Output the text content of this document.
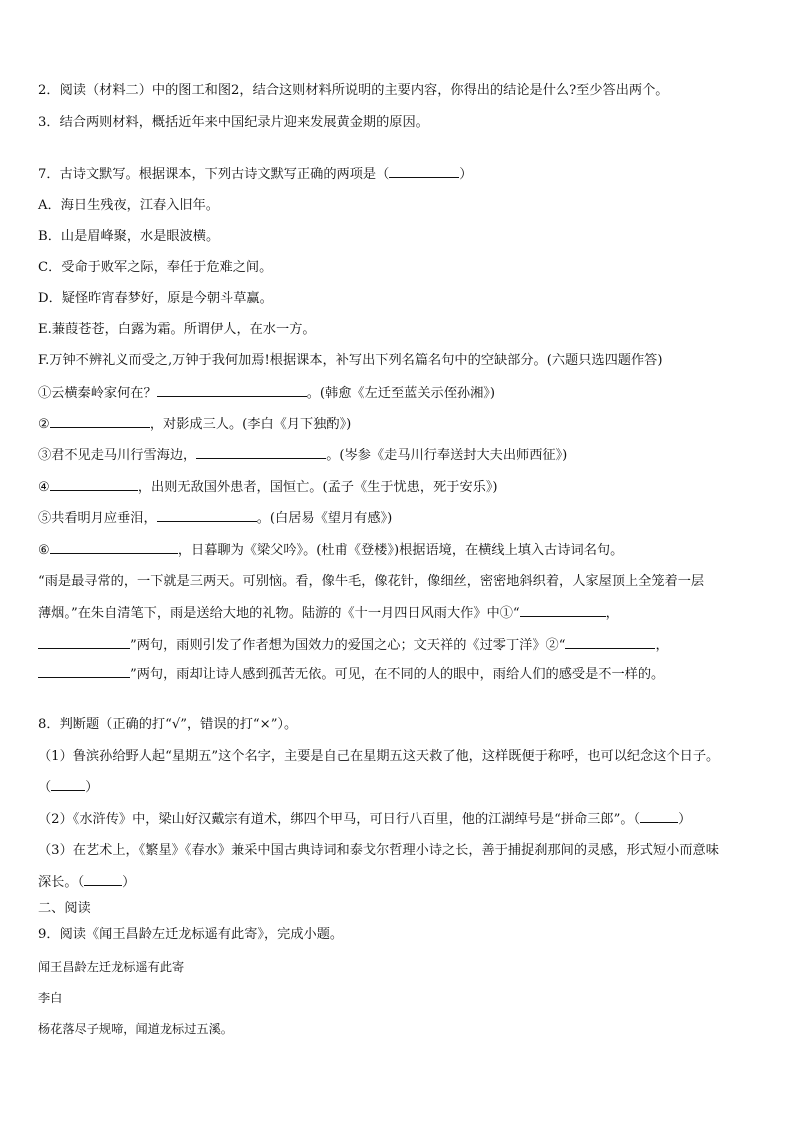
2．阅读（材料二）中的图工和图2，结合这则材料所说明的主要内容，你得出的结论是什么?至少答出两个。
3．结合两则材料，概括近年来中国纪录片迎来发展黄金期的原因。
7．古诗文默写。根据课本，下列古诗文默写正确的两项是（	）
A．海日生残夜，江春入旧年。
B．山是眉峰聚，水是眼波横。
C．受命于败军之际，奉任于危难之间。
D．疑怪昨宵春梦好，原是今朝斗草赢。
E.蒹葭苍苍，白露为霜。所谓伊人，在水一方。
F.万钟不辨礼义而受之,万钟于我何加焉!根据课本，补写出下列名篇名句中的空缺部分。(六题只选四题作答)
①云横秦岭家何在？	。(韩愈《左迁至蓝关示侄孙湘》)
②	，对影成三人。(李白《月下独酌》)
③君不见走马川行雪海边，	。(岑参《走马川行奉送封大夫出师西征》)
④	，出则无敌国外患者，国恒亡。(孟子《生于忧患，死于安乐》)
⑤共看明月应垂泪，	。(白居易《望月有感》)
⑥	，日暮聊为《梁父吟》。(杜甫《登楼》)根据语境，在横线上填入古诗词名句。
“雨是最寻常的，一下就是三两天。可别恼。看，像牛毛，像花针，像细丝，密密地斜织着，人家屋顶上全笼着一层
薄烟。”在朱自清笔下，雨是送给大地的礼物。陆游的《十一月四日风雨大作》中①“	，
”两句，雨则引发了作者想为国效力的爱国之心；文天祥的《过零丁洋》②“	，
”两句，雨却让诗人感到孤苦无依。可见，在不同的人的眼中，雨给人们的感受是不一样的。
8．判断题（正确的打“√”，错误的打“×”）。
（1）鲁滨孙给野人起“星期五”这个名字，主要是自己在星期五这天救了他，这样既便于称呼，也可以纪念这个日子。
（	）
（2）《水浒传》中，梁山好汉戴宗有道术，绑四个甲马，可日行八百里，他的江湖绰号是“拼命三郎”。（	）
（3）在艺术上，《繁星》《春水》兼采中国古典诗词和泰戈尔哲理小诗之长，善于捕捉刹那间的灵感，形式短小而意味
深长。（	）
二、阅读
9．阅读《闻王昌龄左迁龙标遥有此寄》，完成小题。
闻王昌龄左迁龙标遥有此寄
李白
杨花落尽子规啼，闻道龙标过五溪。
